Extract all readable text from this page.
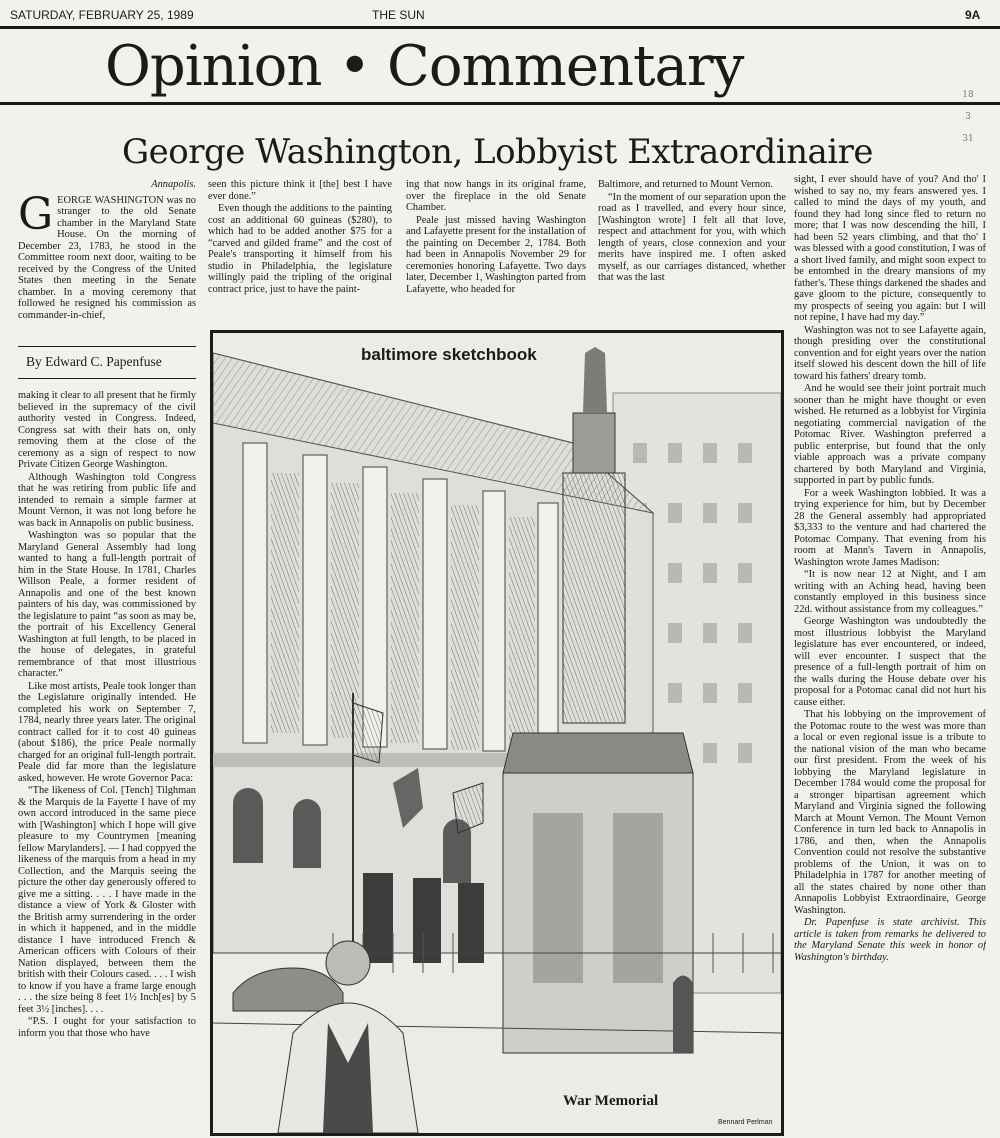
SATURDAY, FEBRUARY 25, 1989	THE SUN	9A
Opinion • Commentary	18
3
31
George Washington, Lobbyist Extraordinaire
Annapolis.
G EORGE WASHINGTON was no stranger to the old Senate chamber in the Maryland State House. On the morning of December 23, 1783, he stood in the Committee room next door, waiting to be received by the Congress of the United States then meeting in the Senate chamber. In a moving ceremony that followed he resigned his commission as commander-in-chief,
By Edward C. Papenfuse

making it clear to all present that he firmly believed in the supremacy of the civil authority vested in Congress. Indeed, Congress sat with their hats on, only removing them at the close of the ceremony as a sign of respect to now Private Citizen George Washington.

Although Washington told Congress that he was retiring from public life and intended to remain a simple farmer at Mount Vernon, it was not long before he was back in Annapolis on public business.

Washington was so popular that the Maryland General Assembly had long wanted to hang a full-length portrait of him in the State House. In 1781, Charles Willson Peale, a former resident of Annapolis and one of the best known painters of his day, was commissioned by the legislature to paint “as soon as may be, the portrait of his Excellency General Washington at full length, to be placed in the house of delegates, in grateful remembrance of that most illustrious character.”

Like most artists, Peale took longer than the Legislature originally intended. He completed his work on September 7, 1784, nearly three years later. The original contract called for it to cost 40 guineas (about $186), the price Peale normally charged for an original full-length portrait. Peale did far more than the legislature asked, however. He wrote Governor Paca:

“The likeness of Col. [Tench] Tilghman & the Marquis de la Fayette I have of my own accord introduced in the same piece with [Washington] which I hope will give pleasure to my Countrymen [meaning fellow Marylanders]. — I had coppyed the likeness of the marquis from a head in my Collection, and the Marquis seeing the picture the other day generously offered to give me a sitting. . . . I have made in the distance a view of York & Gloster with the British army surrendering in the order in which it happened, and in the middle distance I have introduced French & American officers with Colours of their Nation displayed, between them the british with their Colours cased. . . . I wish to know if you have a frame large enough . . . the size being 8 feet 1½ Inch[es] by 5 feet 3½ [inches]. . . .

“P.S. I ought for your satisfaction to inform you that those who have

seen this picture think it [the] best I have ever done.”

Even though the additions to the painting cost an additional 60 guineas ($280), to which had to be added another $75 for a “carved and gilded frame” and the cost of Peale's transporting it himself from his studio in Philadelphia, the legislature willingly paid the tripling of the original contract price, just to have the paint-

ing that now hangs in its original frame, over the fireplace in the old Senate Chamber.

Peale just missed having Washington and Lafayette present for the installation of the painting on December 2, 1784. Both had been in Annapolis November 29 for ceremonies honoring Lafayette. Two days later, December 1, Washington parted from Lafayette, who headed for

Baltimore, and returned to Mount Vernon.

“In the moment of our separation upon the road as I travelled, and every hour since, [Washington wrote] I felt all that love, respect and attachment for you, with which length of years, close connexion and your merits have inspired me. I often asked myself, as our carriages distanced, whether that was the last

sight, I ever should have of you? And tho' I wished to say no, my fears answered yes. I called to mind the days of my youth, and found they had long since fled to return no more; that I was now descending the hill, I had been 52 years climbing, and that tho' I was blessed with a good constitution, I was of a short lived family, and might soon expect to be entombed in the dreary mansions of my father's. These things darkened the shades and gave gloom to the picture, consequently to my prospects of seeing you again: but I will not repine, I have had my day.”

Washington was not to see Lafayette again, though presiding over the constitutional convention and for eight years over the nation itself slowed his descent down the hill of life toward his fathers' dreary tomb.

And he would see their joint portrait much sooner than he might have thought or even wished. He returned as a lobbyist for Virginia negotiating commercial navigation of the Potomac River. Washington preferred a public enterprise, but found that the only viable approach was a private company chartered by both Maryland and Virginia, supported in part by public funds.

For a week Washington lobbied. It was a trying experience for him, but by December 28 the General assembly had appropriated $3,333 to the venture and had chartered the Potomac Company. That evening from his room at Mann's Tavern in Annapolis, Washington wrote James Madison:

“It is now near 12 at Night, and I am writing with an Aching head, having been constantly employed in this business since 22d. without assistance from my colleagues.”

George Washington was undoubtedly the most illustrious lobbyist the Maryland legislature has ever encountered, or indeed, will ever encounter. I suspect that the presence of a full-length portrait of him on the walls during the House debate over his proposal for a Potomac canal did not hurt his cause either.

That his lobbying on the improvement of the Potomac route to the west was more than a local or even regional issue is a tribute to the national vision of the man who became our first president. From the week of his lobbying the Maryland legislature in December 1784 would come the proposal for a stronger bipartisan agreement which Maryland and Virginia signed the following March at Mount Vernon. The Mount Vernon Conference in turn led back to Annapolis in 1786, and then, when the Annapolis Convention could not resolve the substantive problems of the Union, it was on to Philadelphia in 1787 for another meeting of all the states chaired by none other than Annapolis Lobbyist Extraordinaire, George Washington.

Dr. Papenfuse is state archivist. This article is taken from remarks he delivered to the Maryland Senate this week in honor of Washington's birthday.

baltimore sketchbook
War Memorial
Bennard Perlman
